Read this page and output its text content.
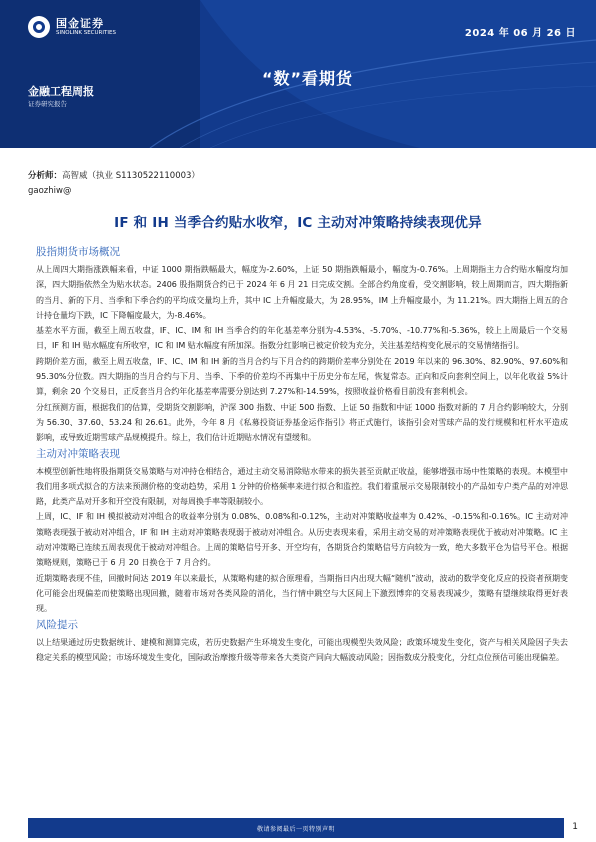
国金证券
SINOLINK SECURITIES	2024 年 06 月 26 日
“数”看期货
金融工程周报
证券研究报告
分析师：高智威（执业 S1130522110003）
gaozhiw@
IF 和 IH 当季合约贴水收窄，IC 主动对冲策略持续表现优异
股指期货市场概况

从上周四大期指涨跌幅来看，中证 1000 期指跌幅最大，幅度为-2.60%，上证 50 期指跌幅最小，幅度为-0.76%。上周期指主力合约贴水幅度均加深，四大期指依然全为贴水状态。2406 股指期货合约已于 2024 年 6 月 21 日完成交割。全部合约角度看，受交割影响，较上周期而言，四大期指新的当月、新的下月、当季和下季合约的平均成交量均上升，其中 IC 上升幅度最大，为 28.95%，IM 上升幅度最小，为 11.21%。四大期指上周五的合计持仓量均下跌，IC 下降幅度最大，为-8.46%。

基差水平方面，截至上周五收盘，IF、IC、IM 和 IH 当季合约的年化基差率分别为-4.53%、-5.70%、-10.77%和-5.36%，较上上周最后一个交易日，IF 和 IH 贴水幅度有所收窄，IC 和 IM 贴水幅度有所加深。指数分红影响已被定价较为充分，关注基差结构变化展示的交易情绪指引。

跨期价差方面，截至上周五收盘，IF、IC、IM 和 IH 新的当月合约与下月合约的跨期价差率分别处在 2019 年以来的 96.30%、82.90%、97.60%和 95.30%分位数。四大期指的当月合约与下月、当季、下季的价差均不再集中于历史分布左尾，恢复常态。正向和反向套利空间上，以年化收益 5%计算，剩余 20 个交易日，正反套当月合约年化基差率需要分别达到 7.27%和-14.59%，按照收益价格看目前没有套利机会。

分红预测方面，根据我们的估算，受期货交割影响，沪深 300 指数、中证 500 指数、上证 50 指数和中证 1000 指数对新的 7 月合约影响较大，分别为 56.30、37.60、53.24 和 26.61。此外，今年 8 月《私募投资证券基金运作指引》将正式施行，该指引会对雪球产品的发行规模和杠杆水平造成影响，或导致近期雪球产品规模提升。综上，我们估计近期贴水情况有望缓和。

主动对冲策略表现

本模型创新性地将股指期货交易策略与对冲持仓相结合，通过主动交易消除贴水带来的损失甚至贡献正收益，能够增强市场中性策略的表现。本模型中我们用多项式拟合的方法来预测价格的变动趋势，采用 1 分钟的价格频率来进行拟合和监控。我们着重展示交易限制较小的产品如专户类产品的对冲思路，此类产品对开多和开空没有限制，对每周换手率等限制较小。

上周，IC、IF 和 IH 模拟被动对冲组合的收益率分别为 0.08%、0.08%和-0.12%，主动对冲策略收益率为 0.42%、-0.15%和-0.16%。IC 主动对冲策略表现强于被动对冲组合，IF 和 IH 主动对冲策略表现弱于被动对冲组合。从历史表现来看，采用主动交易的对冲策略表现优于被动对冲策略。IC 主动对冲策略已连续五周表现优于被动对冲组合。上周的策略信号开多、开空均有，各期货合约策略信号方向较为一致，绝大多数平仓为信号平仓。根据策略规则，策略已于 6 月 20 日换仓于 7 月合约。

近期策略表现不佳，回撤时间达 2019 年以来最长，从策略构建的拟合原理看，当期指日内出现大幅“随机”波动，波动的数学变化反应的投资者预期变化可能会出现偏差而使策略出现回撤，随着市场对各类风险的消化，当行情中跳空与大区间上下激烈博弈的交易表现减少，策略有望继续取得更好表现。

风险提示

以上结果通过历史数据统计、建模和测算完成，若历史数据产生环境发生变化，可能出现模型失效风险；政策环境发生变化，资产与相关风险因子失去稳定关系的模型风险；市场环境发生变化，国际政治摩擦升级等带来各大类资产同向大幅波动风险；因指数成分股变化，分红点位预估可能出现偏差。

敬请参阅最后一页特别声明	1
